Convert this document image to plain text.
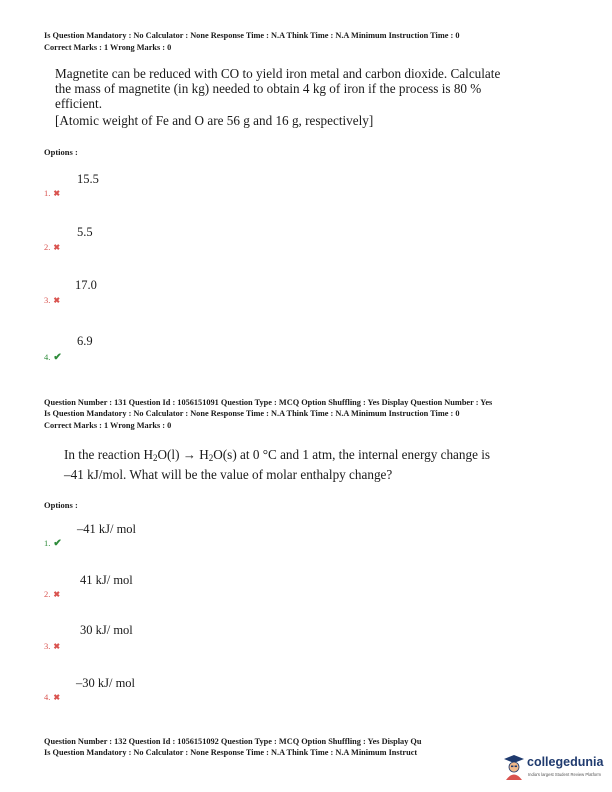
Is Question Mandatory : No Calculator : None Response Time : N.A Think Time : N.A Minimum Instruction Time : 0
Correct Marks : 1 Wrong Marks : 0
Magnetite can be reduced with CO to yield iron metal and carbon dioxide. Calculate
the mass of magnetite (in kg) needed to obtain 4 kg of iron if the process is 80 %
efficient.
[Atomic weight of Fe and O are 56 g and 16 g, respectively]
Options :
15.5
1. ✖
5.5
2. ✖
17.0
3. ✖
6.9
4. ✔
Question Number : 131 Question Id : 1056151091 Question Type : MCQ Option Shuffling : Yes Display Question Number : Yes
Is Question Mandatory : No Calculator : None Response Time : N.A Think Time : N.A Minimum Instruction Time : 0
Correct Marks : 1 Wrong Marks : 0
In the reaction $H_2O(l) \to H_2O(s)$ at 0 °C and 1 atm, the internal energy change is
–41 kJ/mol. What will be the value of molar enthalpy change?
Options :
–41 kJ/ mol
1. ✔
41 kJ/ mol
2. ✖
30 kJ/ mol
3. ✖
–30 kJ/ mol
4. ✖
Question Number : 132 Question Id : 1056151092 Question Type : MCQ Option Shuffling : Yes Display Qu
Is Question Mandatory : No Calculator : None Response Time : N.A Think Time : N.A Minimum Instruct
collegedunia
India's largest Student Review Platform
